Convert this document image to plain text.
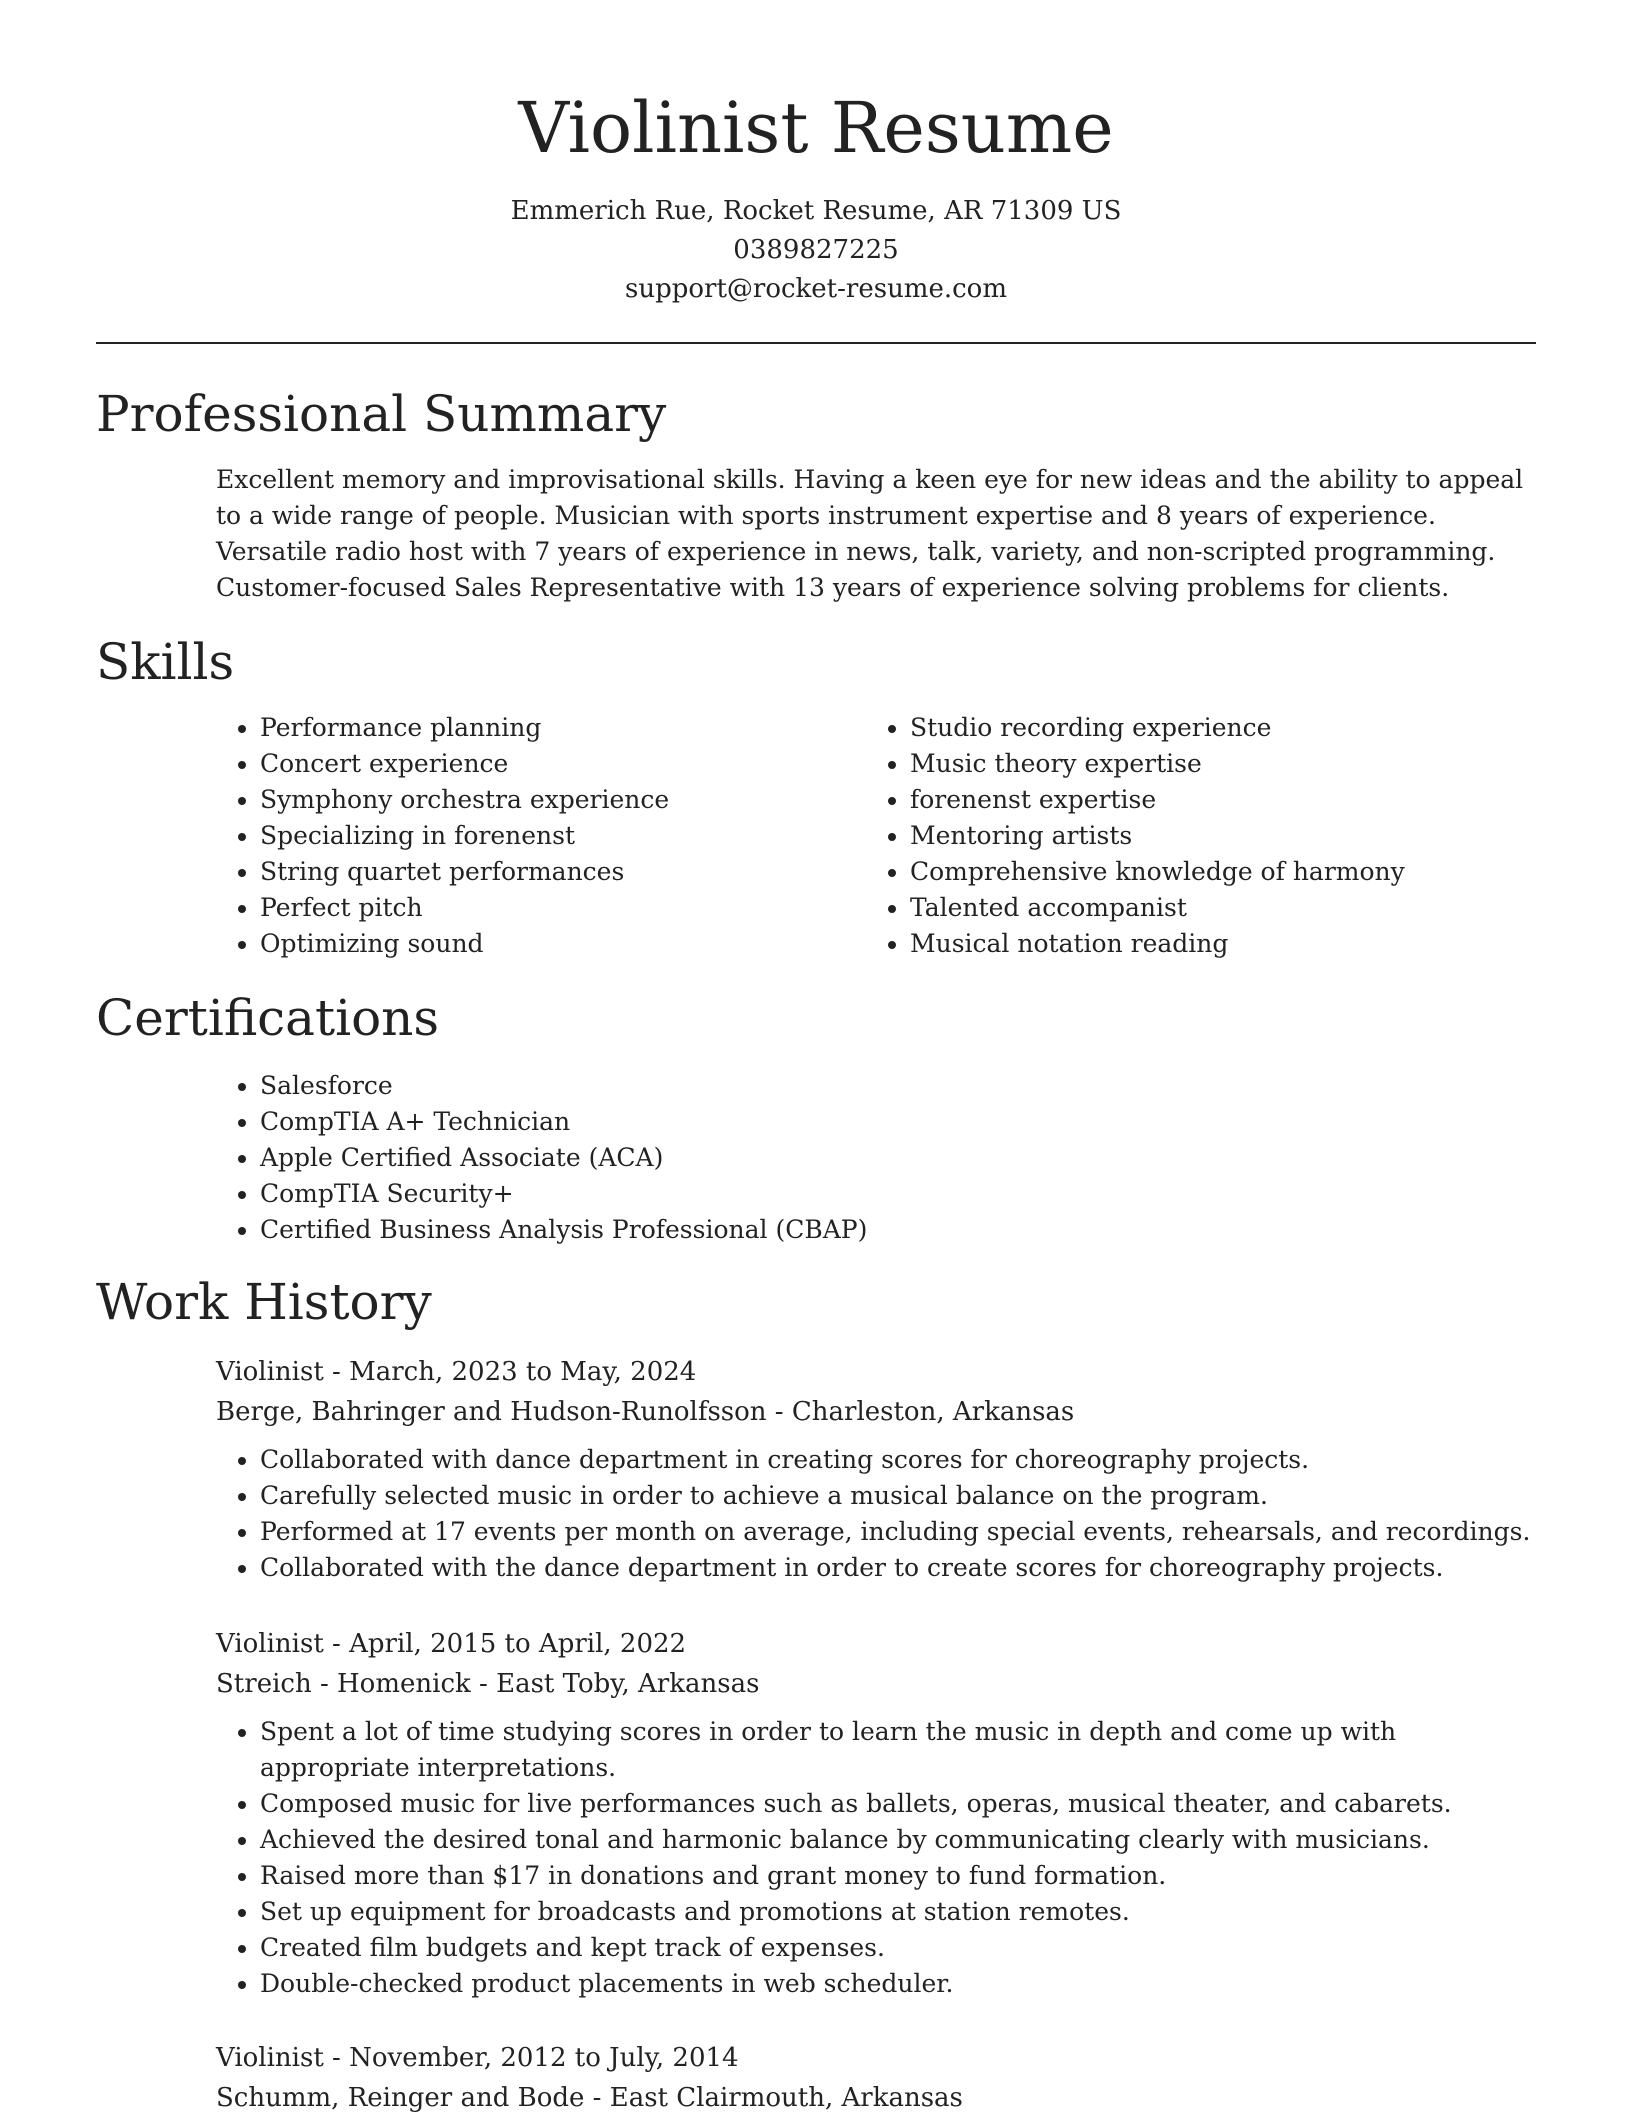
Violinist Resume
Emmerich Rue, Rocket Resume, AR 71309 US
0389827225
support@rocket-resume.com
Professional Summary

Excellent memory and improvisational skills. Having a keen eye for new ideas and the ability to appeal to a wide range of people. Musician with sports instrument expertise and 8 years of experience. Versatile radio host with 7 years of experience in news, talk, variety, and non-scripted programming. Customer-focused Sales Representative with 13 years of experience solving problems for clients.

Skills
• Performance planning
• Concert experience
• Symphony orchestra experience
• Specializing in forenenst
• String quartet performances
• Perfect pitch
• Optimizing sound
• Studio recording experience
• Music theory expertise
• forenenst expertise
• Mentoring artists
• Comprehensive knowledge of harmony
• Talented accompanist
• Musical notation reading
Certifications
• Salesforce
• CompTIA A+ Technician
• Apple Certified Associate (ACA)
• CompTIA Security+
• Certified Business Analysis Professional (CBAP)
Work History
Violinist - March, 2023 to May, 2024
Berge, Bahringer and Hudson-Runolfsson - Charleston, Arkansas
• Collaborated with dance department in creating scores for choreography projects.
• Carefully selected music in order to achieve a musical balance on the program.
• Performed at 17 events per month on average, including special events, rehearsals, and recordings.
• Collaborated with the dance department in order to create scores for choreography projects.
Violinist - April, 2015 to April, 2022
Streich - Homenick - East Toby, Arkansas
• Spent a lot of time studying scores in order to learn the music in depth and come up with appropriate interpretations.
• Composed music for live performances such as ballets, operas, musical theater, and cabarets.
• Achieved the desired tonal and harmonic balance by communicating clearly with musicians.
• Raised more than $17 in donations and grant money to fund formation.
• Set up equipment for broadcasts and promotions at station remotes.
• Created film budgets and kept track of expenses.
• Double-checked product placements in web scheduler.
Violinist - November, 2012 to July, 2014
Schumm, Reinger and Bode - East Clairmouth, Arkansas
